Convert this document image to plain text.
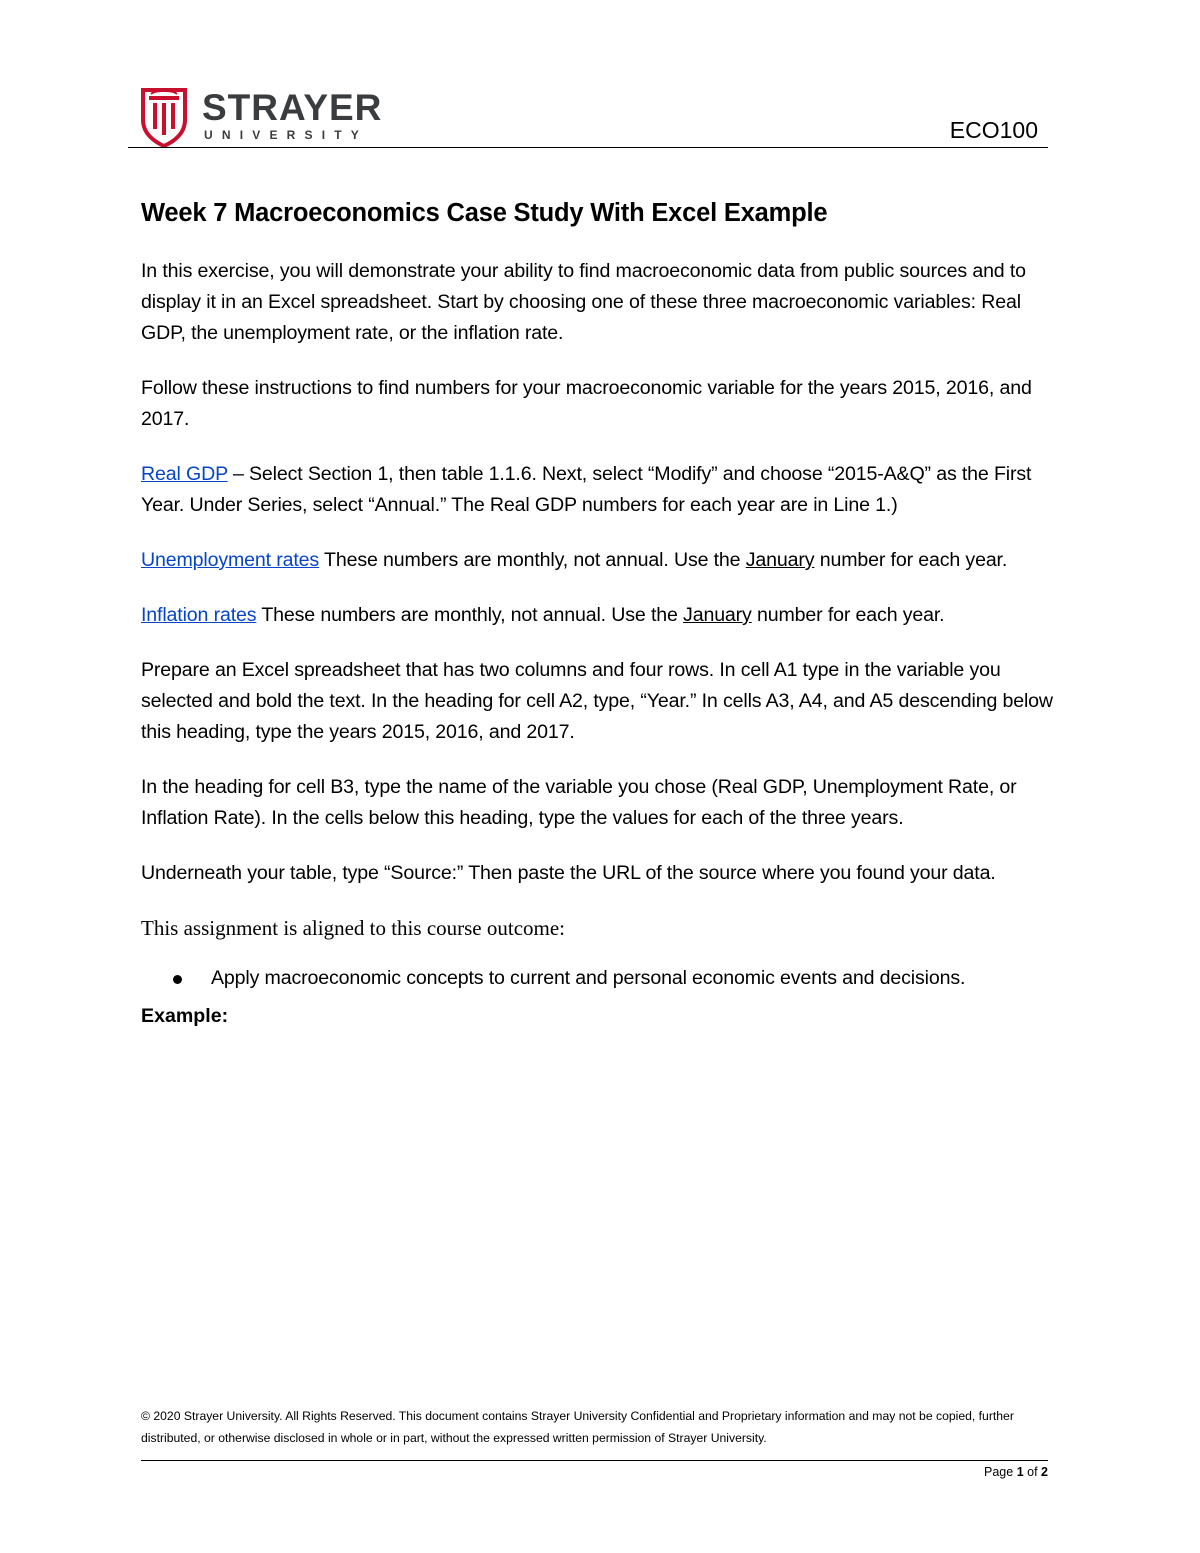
STRAYER
UNIVERSITY	ECO100
Week 7 Macroeconomics Case Study With Excel Example

In this exercise, you will demonstrate your ability to find macroeconomic data from public sources and to display it in an Excel spreadsheet. Start by choosing one of these three macroeconomic variables: Real GDP, the unemployment rate, or the inflation rate.

Follow these instructions to find numbers for your macroeconomic variable for the years 2015, 2016, and 2017.

Real GDP – Select Section 1, then table 1.1.6. Next, select “Modify” and choose “2015-A&Q” as the First Year. Under Series, select “Annual.” The Real GDP numbers for each year are in Line 1.)

Unemployment rates These numbers are monthly, not annual. Use the January number for each year.

Inflation rates These numbers are monthly, not annual. Use the January number for each year.

Prepare an Excel spreadsheet that has two columns and four rows. In cell A1 type in the variable you selected and bold the text. In the heading for cell A2, type, “Year.” In cells A3, A4, and A5 descending below this heading, type the years 2015, 2016, and 2017.

In the heading for cell B3, type the name of the variable you chose (Real GDP, Unemployment Rate, or Inflation Rate). In the cells below this heading, type the values for each of the three years.

Underneath your table, type “Source:” Then paste the URL of the source where you found your data.

This assignment is aligned to this course outcome:

Apply macroeconomic concepts to current and personal economic events and decisions.

Example:

© 2020 Strayer University. All Rights Reserved. This document contains Strayer University Confidential and Proprietary information and may not be copied, further distributed, or otherwise disclosed in whole or in part, without the expressed written permission of Strayer University.

Page 1 of 2
